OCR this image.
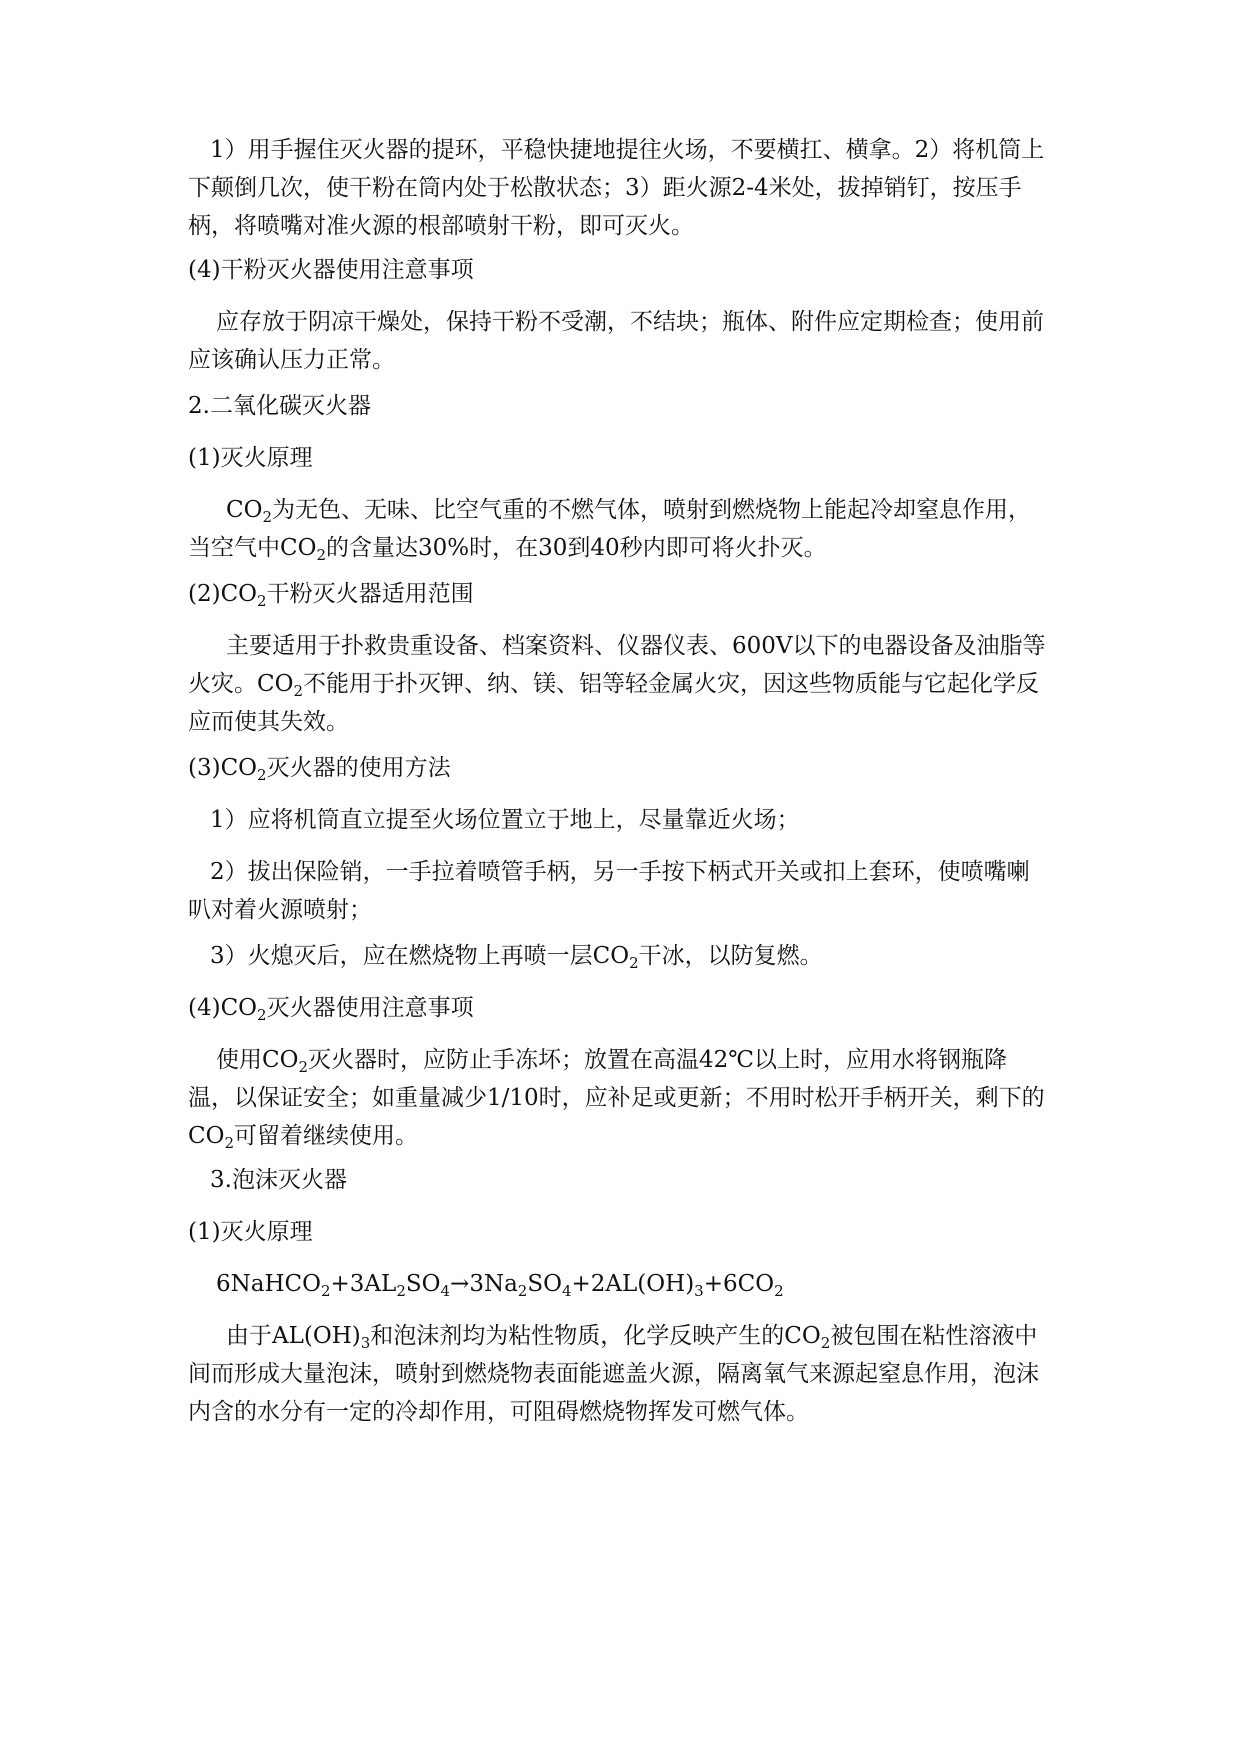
1）用手握住灭火器的提环，平稳快捷地提往火场，不要横扛、横拿。2）将机筒上下颠倒几次，使干粉在筒内处于松散状态；3）距火源2-4米处，拔掉销钉，按压手柄，将喷嘴对准火源的根部喷射干粉，即可灭火。

(4)干粉灭火器使用注意事项

应存放于阴凉干燥处，保持干粉不受潮，不结块；瓶体、附件应定期检查；使用前应该确认压力正常。

2.二氧化碳灭火器

(1)灭火原理

$CO_2$为无色、无味、比空气重的不燃气体，喷射到燃烧物上能起冷却窒息作用，当空气中$CO_2$的含量达30%时，在30到40秒内即可将火扑灭。

$(2)CO_2$干粉灭火器适用范围

主要适用于扑救贵重设备、档案资料、仪器仪表、600V以下的电器设备及油脂等火灾。$CO_2$不能用于扑灭钾、纳、镁、铝等轻金属火灾，因这些物质能与它起化学反应而使其失效。

$(3)CO_2$灭火器的使用方法

1）应将机筒直立提至火场位置立于地上，尽量靠近火场；

2）拔出保险销，一手拉着喷管手柄，另一手按下柄式开关或扣上套环，使喷嘴喇叭对着火源喷射；

3）火熄灭后，应在燃烧物上再喷一层$CO_2$干冰，以防复燃。

$(4)CO_2$灭火器使用注意事项

使用$CO_2$灭火器时，应防止手冻坏；放置在高温42℃以上时，应用水将钢瓶降温，以保证安全；如重量减少1/10时，应补足或更新；不用时松开手柄开关，剩下的$CO_2$可留着继续使用。

3.泡沫灭火器

(1)灭火原理

$6NaHCO_2+3AL_2SO_4\to 3Na_2SO_4+2AL(OH)_3+6CO_2$

由于$AL(OH)_3$和泡沫剂均为粘性物质，化学反映产生的$CO_2$被包围在粘性溶液中间而形成大量泡沫，喷射到燃烧物表面能遮盖火源，隔离氧气来源起窒息作用，泡沫内含的水分有一定的冷却作用，可阻碍燃烧物挥发可燃气体。
